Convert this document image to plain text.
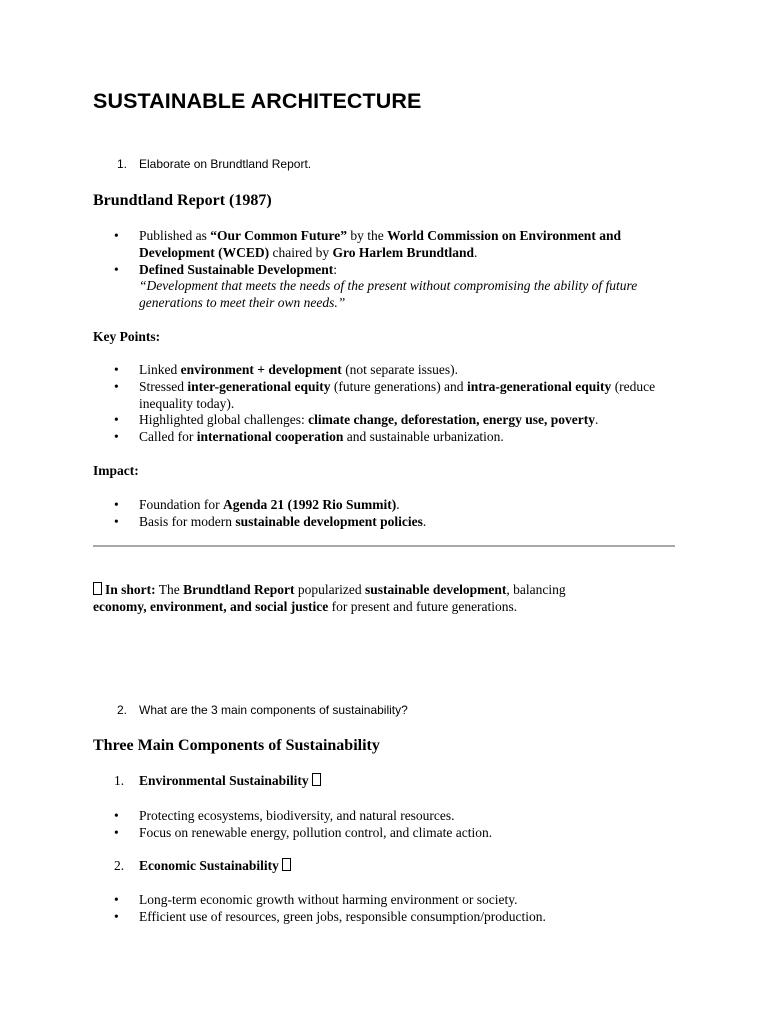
SUSTAINABLE ARCHITECTURE
1. Elaborate on Brundtland Report.
Brundtland Report (1987)
• Published as “Our Common Future” by the World Commission on Environment and Development (WCED) chaired by Gro Harlem Brundtland.
• Defined Sustainable Development:
“Development that meets the needs of the present without compromising the ability of future generations to meet their own needs.”
Key Points:
• Linked environment + development (not separate issues).
• Stressed inter-generational equity (future generations) and intra-generational equity (reduce inequality today).
• Highlighted global challenges: climate change, deforestation, energy use, poverty.
• Called for international cooperation and sustainable urbanization.
Impact:
• Foundation for Agenda 21 (1992 Rio Summit).
• Basis for modern sustainable development policies.
In short: The Brundtland Report popularized sustainable development, balancing
economy, environment, and social justice for present and future generations.
2. What are the 3 main components of sustainability?
Three Main Components of Sustainability
1. Environmental Sustainability
• Protecting ecosystems, biodiversity, and natural resources.
• Focus on renewable energy, pollution control, and climate action.
2. Economic Sustainability
• Long-term economic growth without harming environment or society.
• Efficient use of resources, green jobs, responsible consumption/production.
